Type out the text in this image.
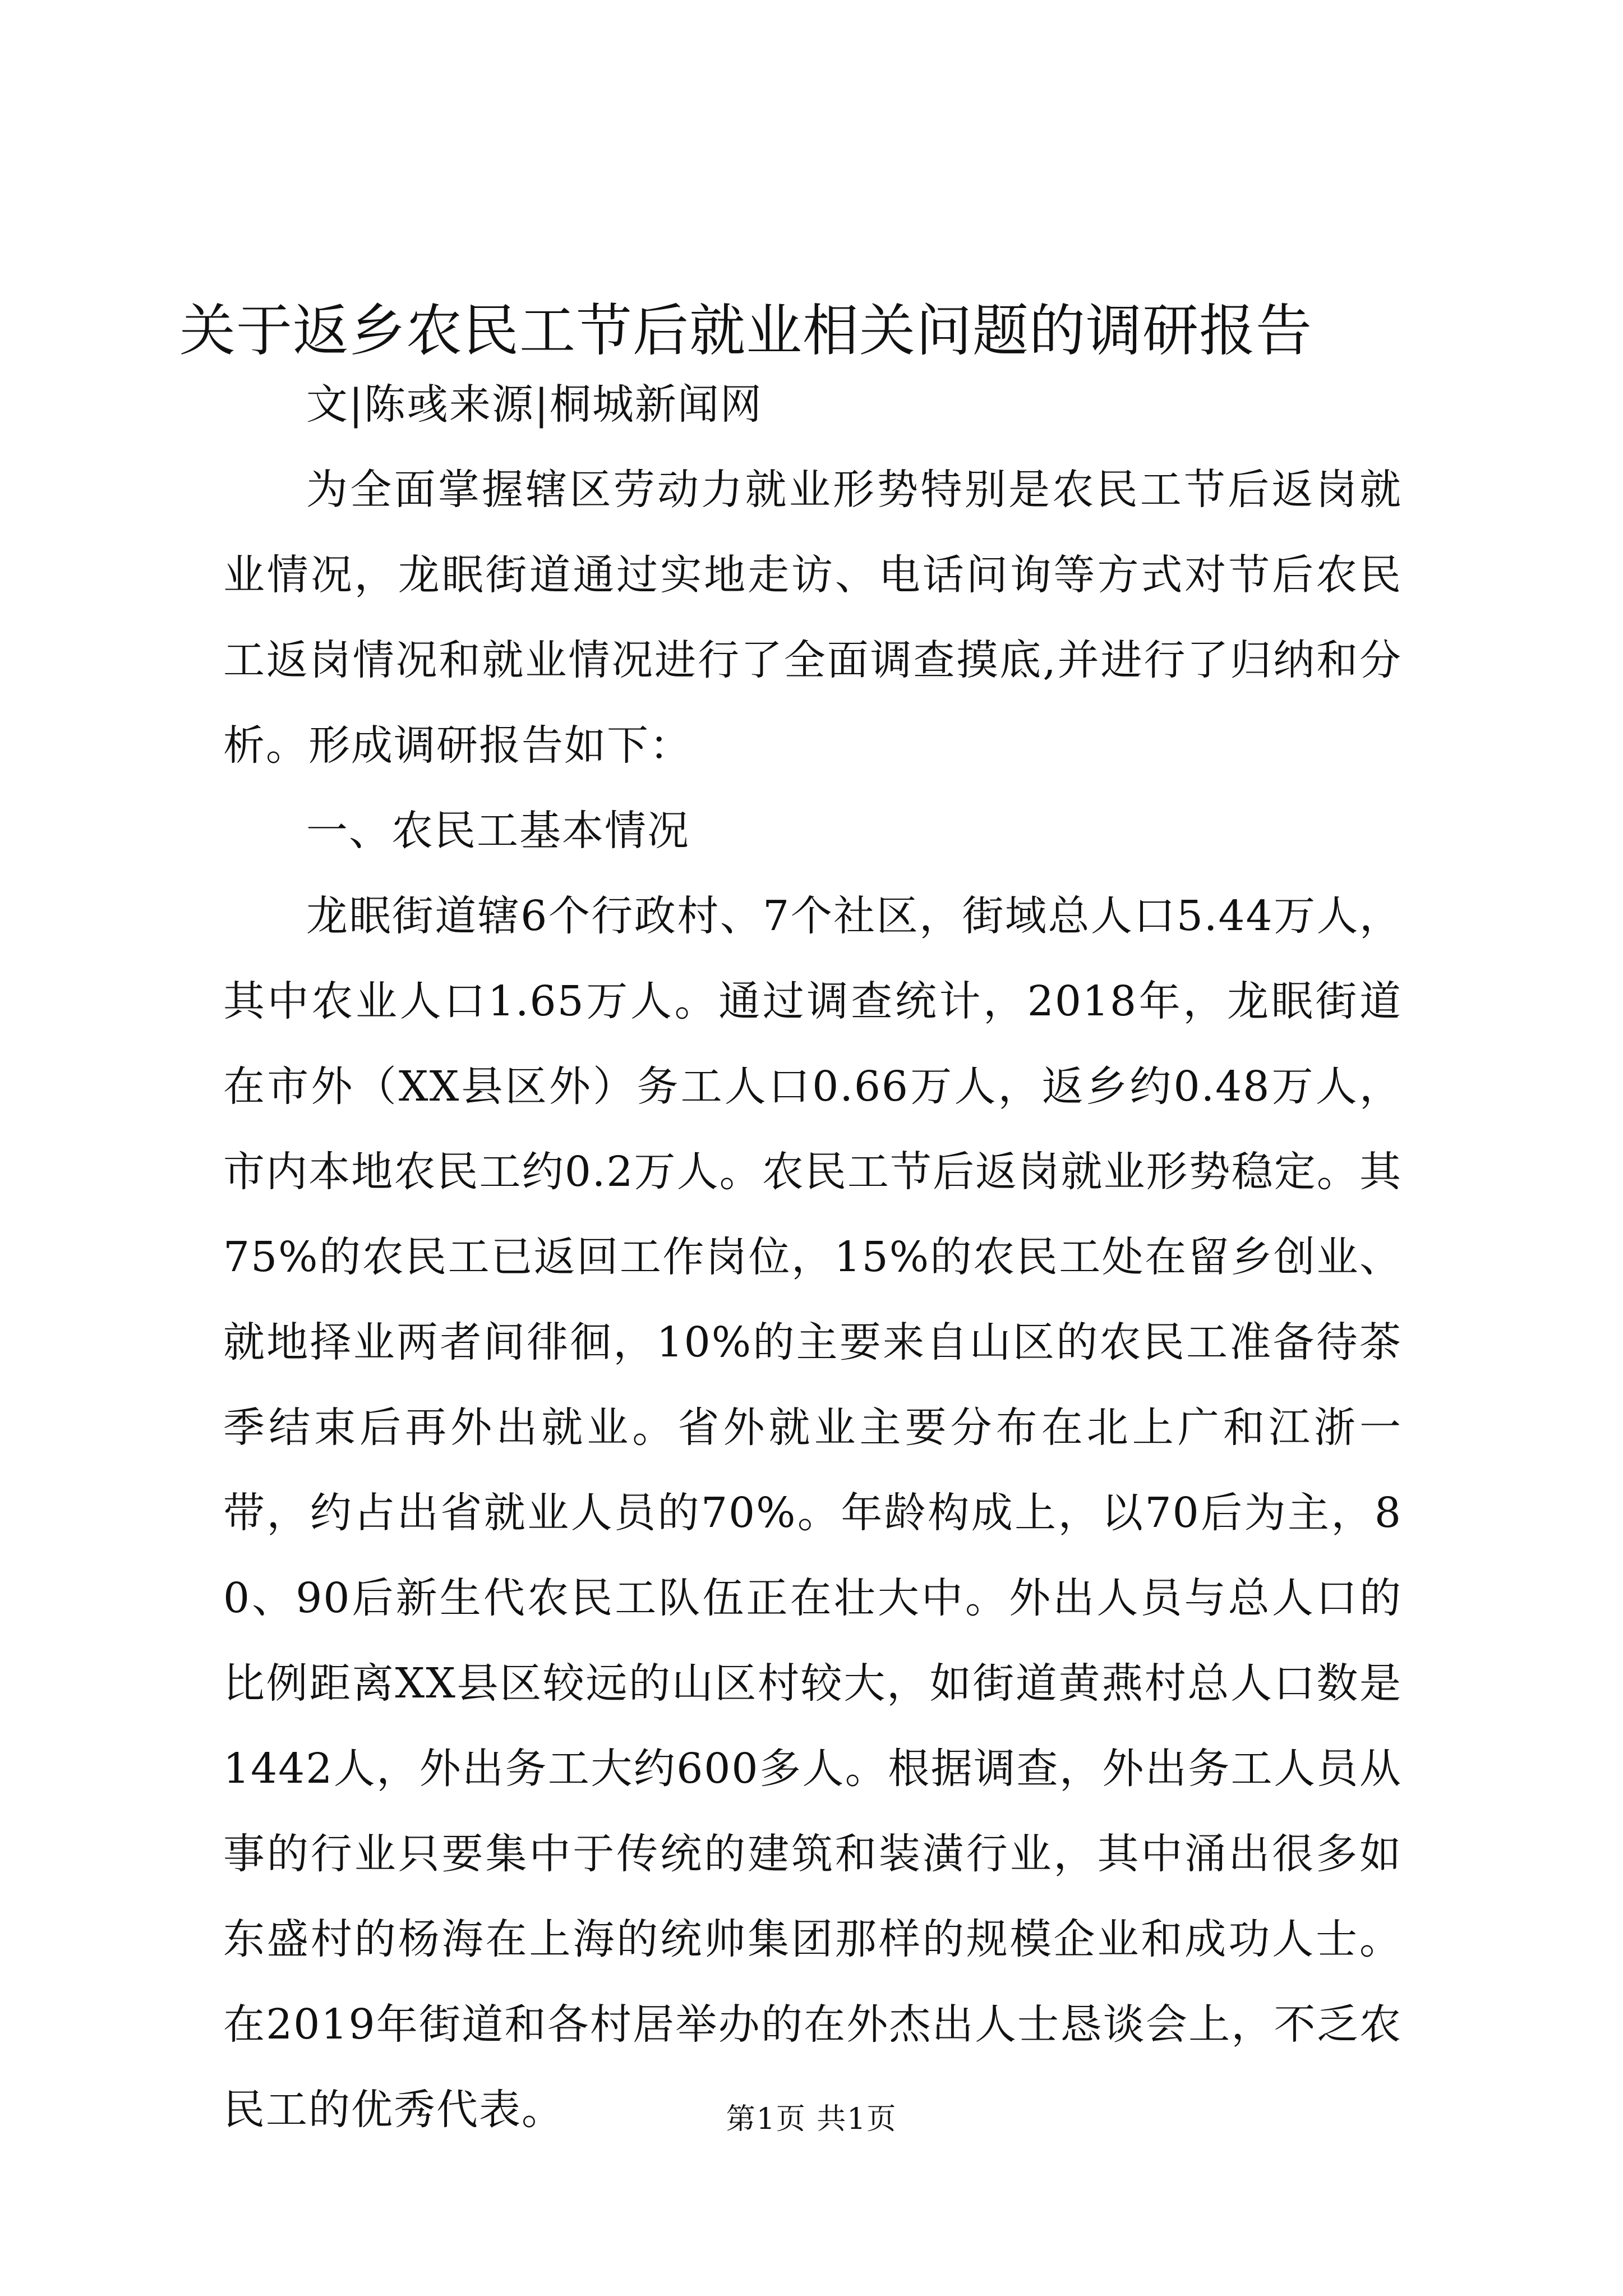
关于返乡农民工节后就业相关问题的调研报告

文|陈彧来源|桐城新闻网

为全面掌握辖区劳动力就业形势特别是农民工节后返岗就业情况，龙眠街道通过实地走访、电话问询等方式对节后农民工返岗情况和就业情况进行了全面调查摸底,并进行了归纳和分析。形成调研报告如下：

一、农民工基本情况

龙眠街道辖6个行政村、7个社区，街域总人口5.44万人，其中农业人口1.65万人。通过调查统计，2018年，龙眠街道在市外（XX县区外）务工人口0.66万人，返乡约0.48万人，市内本地农民工约0.2万人。农民工节后返岗就业形势稳定。其75%的农民工已返回工作岗位，15%的农民工处在留乡创业、就地择业两者间徘徊，10%的主要来自山区的农民工准备待茶季结束后再外出就业。省外就业主要分布在北上广和江浙一带，约占出省就业人员的70%。年龄构成上，以70后为主，80、90后新生代农民工队伍正在壮大中。外出人员与总人口的比例距离XX县区较远的山区村较大，如街道黄燕村总人口数是1442人，外出务工大约600多人。根据调查，外出务工人员从事的行业只要集中于传统的建筑和装潢行业，其中涌出很多如东盛村的杨海在上海的统帅集团那样的规模企业和成功人士。在2019年街道和各村居举办的在外杰出人士恳谈会上，不乏农民工的优秀代表。	第1页 共1页
